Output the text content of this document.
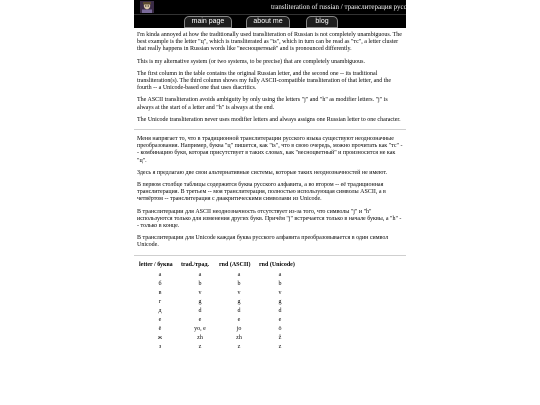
transliteration of russian / транслитерация русского языка
main page	about me	blog

I'm kinda annoyed at how the traditionally used transliteration of Russian is not completely unambiguous. The best example is the letter "ц", which is transliterated as "ts", which in turn can be read as "тс", a letter cluster that really happens in Russian words like "весноцветный" and is pronounced differently.

This is my alternative system (or two systems, to be precise) that are completely unambiguous.

The first column in the table contains the original Russian letter, and the second one -- its traditional transliteration(s). The third column shows my fully ASCII-compatible transliteration of that letter, and the fourth -- a Unicode-based one that uses diacritics.

The ASCII transliteration avoids ambiguity by only using the letters "j" and "h" as modifier letters. "j" is always at the start of a letter and "h" is always at the end.

The Unicode transliteration never uses modifier letters and always assigns one Russian letter to one character.

Меня напрягает то, что в традиционной транслитерации русского языка существуют неоднозначные преобразования. Например, буква "ц" пишется, как "ts", что в свою очередь, можно прочитать как "тс" -- комбинацию букв, которая присутствует в таких словах, как "весноцветный" и произносится не как "ц".

Здесь я предлагаю две свои альтернативные системы, которые таких неоднозначностей не имеют.

В первом столбце таблицы содержится буква русского алфавита, а во втором -- её традиционная транслитерация. В третьем -- моя транслитерация, полностью использующая символы ASCII, а в четвёртом -- транслитерация с диакритическими символами из Unicode.

В транслитерации для ASCII неоднозначность отсутствует из-за того, что символы "j" и "h" используются только для изменения других букв. Причём "j" встречается только в начале буквы, а "h" -- только в конце.

В транслитерации для Unicode каждая буква русского алфавита преобразовывается в один символ Unicode.

letter / буква	trad./трад.	rnd (ASCII)	rnd (Unicode)
а	a	a	a
б	b	b	b
в	v	v	v
г	g	g	g
д	d	d	d
е	e	e	e
ё	yo, e	jo	ö
ж	zh	zh	ž
з	z	z	z
